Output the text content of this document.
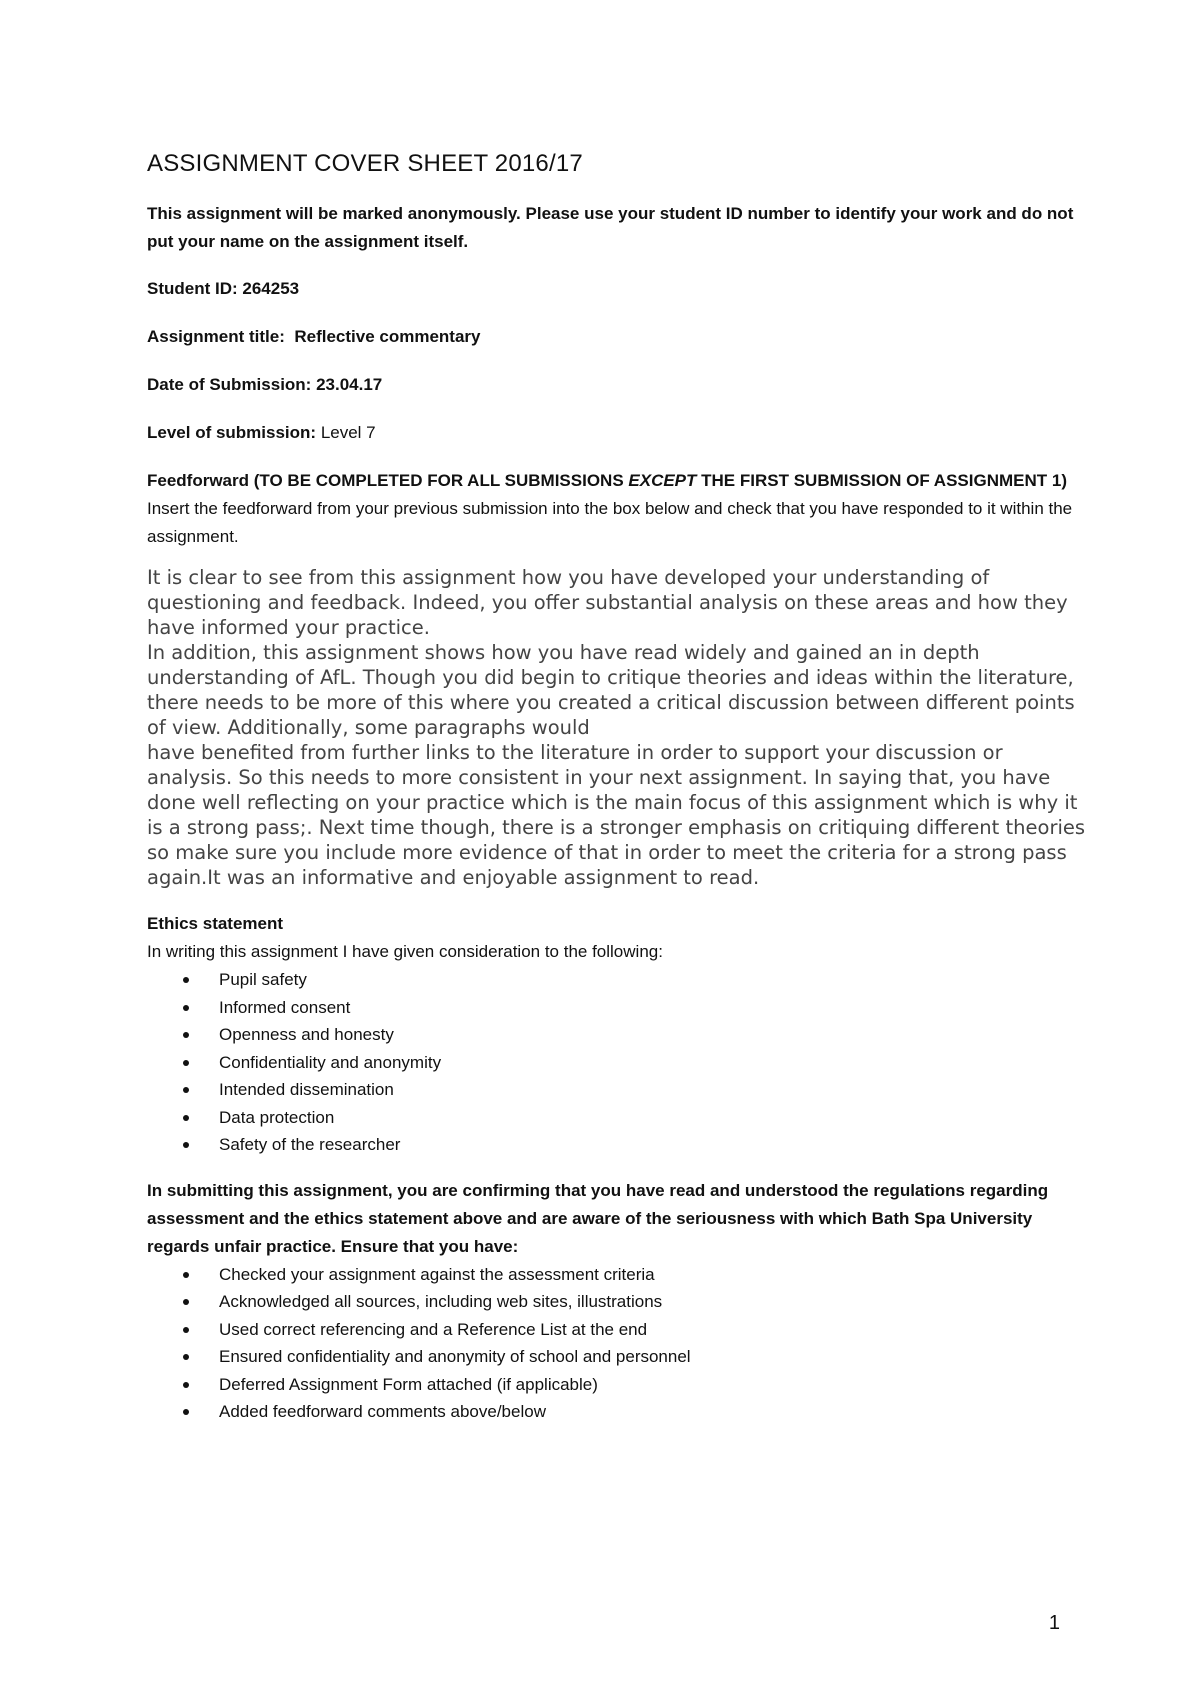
ASSIGNMENT COVER SHEET 2016/17

This assignment will be marked anonymously. Please use your student ID number to identify your work and do not put your name on the assignment itself.

Student ID: 264253

Assignment title:  Reflective commentary

Date of Submission: 23.04.17

Level of submission: Level 7

Feedforward (TO BE COMPLETED FOR ALL SUBMISSIONS EXCEPT THE FIRST SUBMISSION OF ASSIGNMENT 1)

Insert the feedforward from your previous submission into the box below and check that you have responded to it within the assignment.

It is clear to see from this assignment how you have developed your understanding of questioning and feedback. Indeed, you offer substantial analysis on these areas and how they have informed your practice.
In addition, this assignment shows how you have read widely and gained an in depth understanding of AfL. Though you did begin to critique theories and ideas within the literature, there needs to be more of this where you created a critical discussion between different points of view. Additionally, some paragraphs would
have benefited from further links to the literature in order to support your discussion or analysis. So this needs to more consistent in your next assignment. In saying that, you have done well reflecting on your practice which is the main focus of this assignment which is why it is a strong pass;. Next time though, there is a stronger emphasis on critiquing different theories so make sure you include more evidence of that in order to meet the criteria for a strong pass again.It was an informative and enjoyable assignment to read.

Ethics statement

In writing this assignment I have given consideration to the following:

Pupil safety
Informed consent
Openness and honesty
Confidentiality and anonymity
Intended dissemination
Data protection
Safety of the researcher

In submitting this assignment, you are confirming that you have read and understood the regulations regarding assessment and the ethics statement above and are aware of the seriousness with which Bath Spa University regards unfair practice. Ensure that you have:

Checked your assignment against the assessment criteria
Acknowledged all sources, including web sites, illustrations
Used correct referencing and a Reference List at the end
Ensured confidentiality and anonymity of school and personnel
Deferred Assignment Form attached (if applicable)
Added feedforward comments above/below
1
